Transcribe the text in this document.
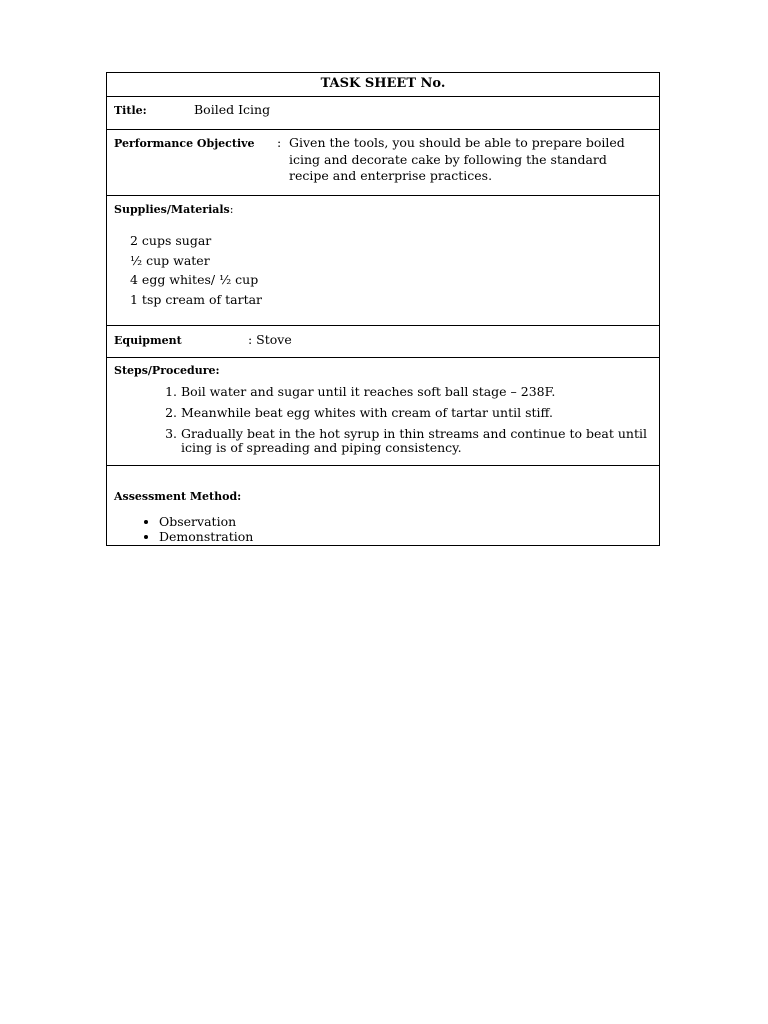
TASK SHEET No.
Title:	Boiled Icing
Performance Objective : Given the tools, you should be able to prepare boiled icing and decorate cake by following the standard recipe and enterprise practices.
Supplies/Materials:
2 cups sugar
½ cup water
4 egg whites/ ½ cup
1 tsp cream of tartar
Equipment	: Stove
Steps/Procedure:
1. Boil water and sugar until it reaches soft ball stage – 238F.
2. Meanwhile beat egg whites with cream of tartar until stiff.
3. Gradually beat in the hot syrup in thin streams and continue to beat until icing is of spreading and piping consistency.
Assessment Method:
• Observation
• Demonstration
